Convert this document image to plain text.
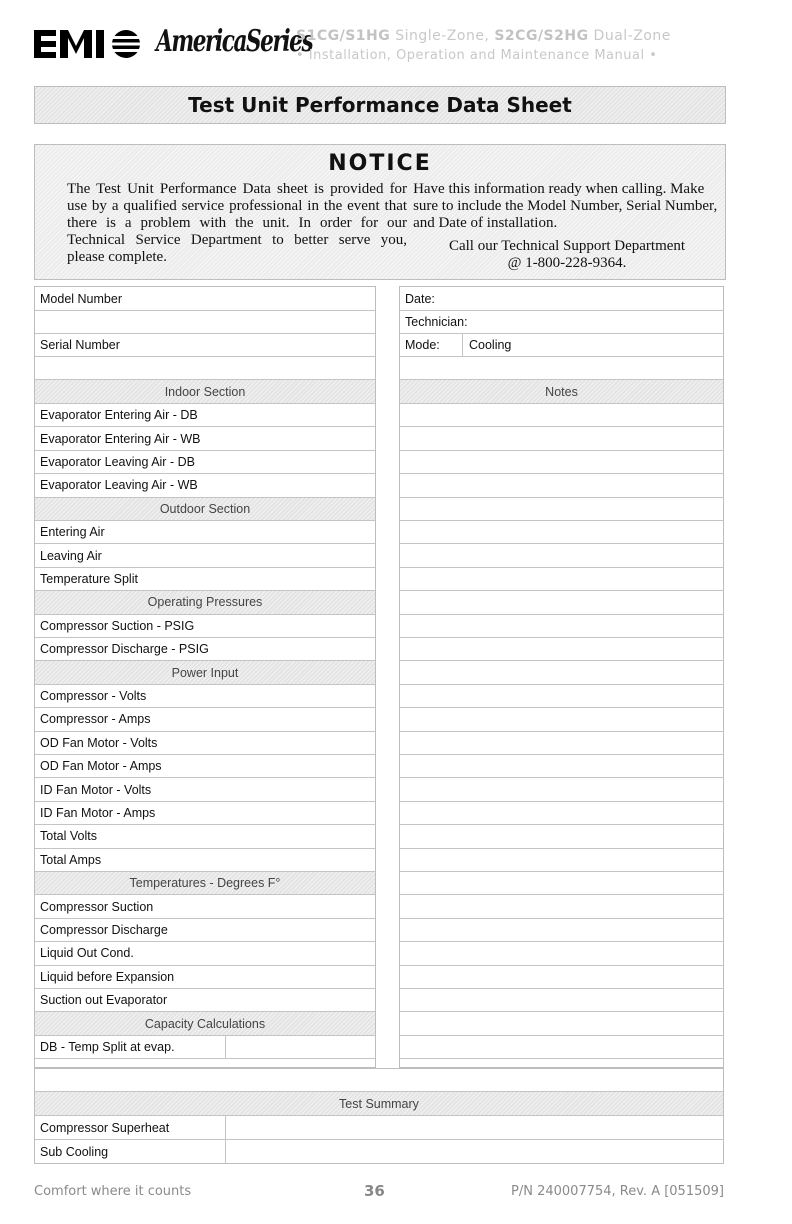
AmericaSeries
S1CG/S1HG Single-Zone, S2CG/S2HG Dual-Zone
• Installation, Operation and Maintenance Manual •
Test Unit Performance Data Sheet
NOTICE
The Test Unit Performance Data sheet is provided for use by a qualified service professional in the event that there is a problem with the unit. In order for our Technical Service Department to better serve you, please complete.
Have this information ready when calling. Make sure to include the Model Number, Serial Number, and Date of installation.
Call our Technical Support Department
@ 1-800-228-9364.
Model Number
Serial Number
Indoor Section
Evaporator Entering Air - DB
Evaporator Entering Air - WB
Evaporator Leaving Air - DB
Evaporator Leaving Air - WB
Outdoor Section
Entering Air
Leaving Air
Temperature Split
Operating Pressures
Compressor Suction - PSIG
Compressor Discharge - PSIG
Power Input
Compressor - Volts
Compressor - Amps
OD Fan Motor - Volts
OD Fan Motor - Amps
ID Fan Motor - Volts
ID Fan Motor - Amps
Total Volts
Total Amps
Temperatures - Degrees F°
Compressor Suction
Compressor Discharge
Liquid Out Cond.
Liquid before Expansion
Suction out Evaporator
Capacity Calculations
DB - Temp Split at evap.
Date:
Technician:
Mode:	Cooling
Notes
Test Summary
Compressor Superheat
Sub Cooling
Comfort where it counts	36	P/N 240007754, Rev. A [051509]
